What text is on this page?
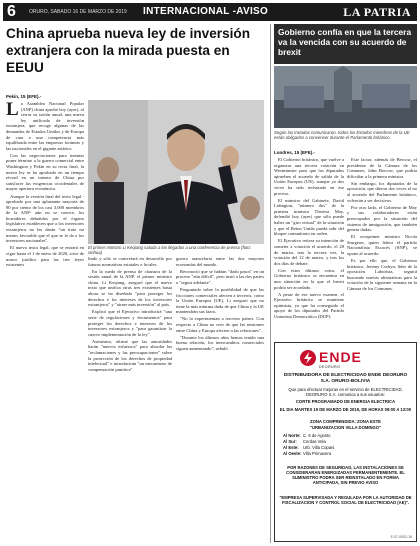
6	ORURO, SABADO 16 DE MARZO DE 2019 INTERNACIONAL -AVISO	LA PATRIA
China aprueba nueva ley de inversión extranjera con la mirada puesta en EEUU
Pekín, 15 (EFE).-

La Asamblea Nacional Popular (ANP) china aprobó hoy (ayer), al cerrar su sesión anual, una nueva ley unificada de inversión extranjera, que recoge algunas de las demandas de Estados Unidos y de Europa de cara a una competencia más equilibrada entre las empresas foráneas y las nacionales en el gigante asiático.

Con las negociaciones para intentar poner término a la guerra comercial entre Washington y Pekín en su recta final, la nueva ley se ha aprobado en un tiempo récord en un intento de China por satisfacer las exigencias occidentales de mayor apertura económica.

Aunque la versión final del texto legal -aprobado por una aplastante mayoría de 90 por ciento de los casi 3.000 miembros de la ANP- aún no se conoce, los borradores debatidos por el órgano legislativo establecen que a los inversores extranjeros no les darán "un trato no menos favorable que el que se le da a los inversores nacionales".

El nuevo texto legal, que se entrará en vigor hasta el 1 de enero de 2020, sirve de marco jurídico para las tres leyes existentes

El primer ministro Li Keqiang saluda a los llegados a una conferencia de prensa (foto: xinhua)

lindo y sólo se concretará en desarrollo por futuras normativas estatales o locales.

En la rueda de prensa de clausura de la sesión anual de la ANP, el primer ministro chino, Li Keqiang, aseguró que el nuevo texto que unifica otras tres existentes hasta ahora se ha diseñado "para proteger los derechos e los intereses de los inversores extranjeros" y "atraer más inversión" al país.

Explicó que el Ejecutivo introducirá "una serie de regulaciones y documentos" para proteger los derechos e intereses de los inversores extranjeros y "para garantizar la cuerve implementación de la ley".

Asimismo, afirmó que las autoridades harán "nuevos esfuerzos" para abordar las "reclamaciones y las preocupaciones" sobre la protección de los derechos de propiedad intelectual" e introducirán "un mecanismo de compensación punitiva".

guerra arancelaria entre las dos mayores economías del mundo.

Reconoció que se habían "dado pasos" en un proceso "aún difícil", pero instó a las dos partes a "seguir adelante".

Preguntado sobre la posibilidad de que las fricciones comerciales afecten a terceros, como la Unión Europea (UE), Li aseguró que no tiene la más mínima duda de que China y la UE mantendrán sus lazos.

"No la experimentan a terceros países. Con respecto a China no creo de que las tensiones entre China y Europa afecten a las relaciones".

"Durante los últimos años hemos tenido una buena relación, los intercambios comerciales siguen aumentando", señaló.

Gobierno confía en que la tercera va la vencida con su acuerdo de brexit
Según las tratadas comunicaron, todos los Estados miembros de la UE están obligados a convencer durante el Parlamento británico
Londres, 15 (EFE).-

El Gobierno británico, que vuelve a organizar una tercera votación en Westminster para que los diputados aprueben el acuerdo de salida de la Unión Europea (UE), aunque ya dos veces ha sido rechazado en ese proceso.

El ministro del Gabinete, David Lidington, "número dos" de la primera ministra Theresa May, defendió hoy (ayer) que sólo puede haber un "giro virtual" de la situación y que el Reino Unido pueda salir del bloque comunitario en orden.

El Ejecutivo reitera su intención de someter a votación el acuerdo, el 20 de marzo, tras la tercera vez, la votación del 12 de marzo, y tras los dos días de debate.

Con estos últimos votos, el Gobierno británico se encuentra en una situación en la que el brexit podría ser acordado.

A pesar de ese nuevo examen, el Ejecutivo británico se mantiene optimista, ya que ha conseguido el apoyo de los diputados del Partido Unionista Democrático (DUP).

Este factor, además de Bercow, el presidente de la Cámara de los Comunes, John Bercow, que podría dificultar a la primera ministra.

Sin embargo, los diputados de la oposición, que dieron dos veces el no al acuerdo del Parlamento británico, volverán a ser decisivos.

Por otro lado, el Gobierno de May y sus colaboradores están preocupados por la situación del sistema de inmigración, que también genera dudas.

El viceprimer ministro Nicola Sturgeon, quien lidera el partido Nacionalista Escocés (SNP), se opone al acuerdo.

Es por ello que, el Gobierno británico, Jeremy Corbyn, líder de la oposición Laborista, seguirá buscando nuevas alternativas para la votación de la siguiente semana en la Cámara de los Comunes.

ENDE
DEORURO
DISTRIBUIDORA DE ELECTRICIDAD ENDE DEORURO S.A. ORURO-BOLIVIA
Que para efectuar mejoras en el servicio de ELECTRICIDAD, DEORURO S.A. comunica a sus usuarios:
CORTE PROGRAMADO DE ENERGIA ELECTRICA
EL DIA MARTES 19 DE MARZO DE 2019, DE HORAS 09:00 A 13:00
ZONA COMPRENDIDA: ZONA ESTE
"URBANIZACION VILLA DOMINGO"
Al Norte: C. 6 de Agosto
Al Sur: Cerdas Vela
Al Este: Urb. Villa Copani
Al Oeste: Villa Primavera
POR RAZONES DE SEGURIDAD, LAS INSTALACIONES SE CONSIDERARAN ENERGIZADAS PERMANENTEMENTE. EL SUMINISTRO PODRA SER REINSTALADO EN FORMA ANTICIPADA, SIN PREVIO AVISO
"EMPRESA SUPERVISADA Y REGULADA POR LA AUTORIDAD DE FISCALIZACION Y CONTROL SOCIAL DE ELECTRICIDAD (AE)".
E-07-0002-19
